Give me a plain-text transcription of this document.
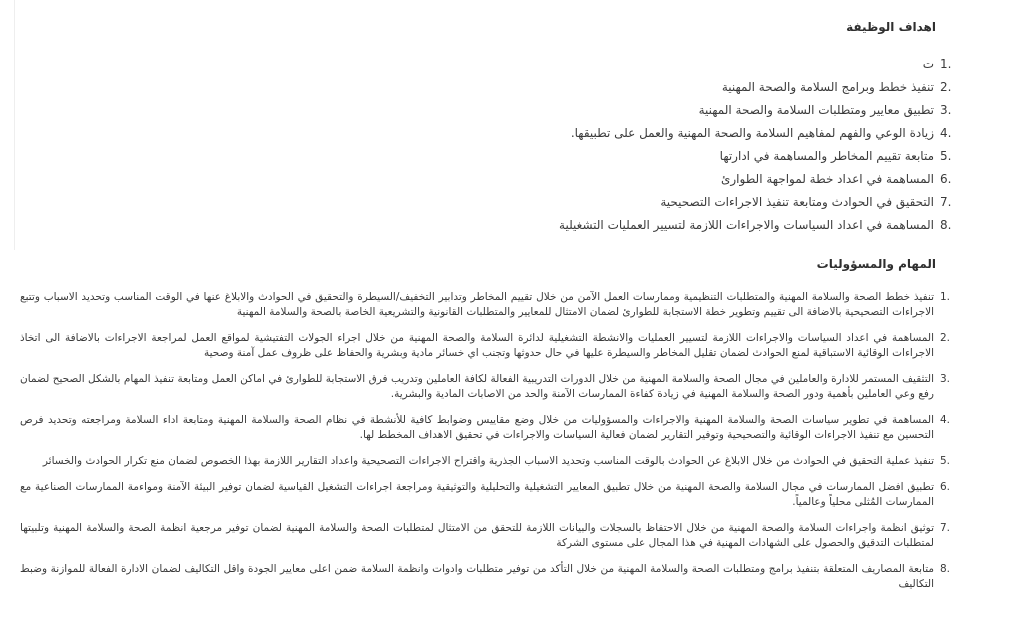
اهداف الوظيفة
1.
ت
2.
تنفيذ خطط وبرامج السلامة والصحة المهنية
3.
تطبيق معايير ومتطلبات السلامة والصحة المهنية
4.
زيادة الوعي والفهم لمفاهيم السلامة والصحة المهنية والعمل على تطبيقها.
5.
متابعة تقييم المخاطر والمساهمة في ادارتها
6.
المساهمة في اعداد خطة لمواجهة الطوارئ
7.
التحقيق في الحوادث ومتابعة تنفيذ الاجراءات التصحيحية
8.
المساهمة في اعداد السياسات والاجراءات اللازمة لتسيير العمليات التشغيلية
المهام والمسؤوليات
1.
تنفيذ خطط الصحة والسلامة المهنية والمتطلبات التنظيمية وممارسات العمل الآمن من خلال تقييم المخاطر وتدابير التخفيف/السيطرة والتحقيق في الحوادث والابلاغ عنها في الوقت المناسب وتحديد الاسباب وتتبع الاجراءات التصحيحية بالاضافة الى تقييم وتطوير خطة الاستجابة للطوارئ لضمان الامتثال للمعايير والمتطلبات القانونية والتشريعية الخاصة بالصحة والسلامة المهنية
2.
المساهمة في اعداد السياسات والاجراءات اللازمة لتسيير العمليات والانشطة التشغيلية لدائرة السلامة والصحة المهنية من خلال اجراء الجولات التفتيشية لمواقع العمل لمراجعة الاجراءات بالاضافة الى اتخاذ الاجراءات الوقائية الاستباقية لمنع الحوادث لضمان تقليل المخاطر والسيطرة عليها في حال حدوثها وتجنب اي خسائر مادية وبشرية والحفاظ على ظروف عمل آمنة وصحية
3.
التثقيف المستمر للادارة والعاملين في مجال الصحة والسلامة المهنية من خلال الدورات التدريبية الفعالة لكافة العاملين وتدريب فرق الاستجابة للطوارئ في اماكن العمل ومتابعة تنفيذ المهام بالشكل الصحيح لضمان رفع وعي العاملين بأهمية ودور الصحة والسلامة المهنية في زيادة كفاءة الممارسات الآمنة والحد من الاصابات المادية والبشرية.
4.
المساهمة في تطوير سياسات الصحة والسلامة المهنية والاجراءات والمسؤوليات من خلال وضع مقاييس وضوابط كافية للأنشطة في نظام الصحة والسلامة المهنية ومتابعة اداء السلامة ومراجعته وتحديد فرص التحسين مع تنفيذ الاجراءات الوقائية والتصحيحية وتوفير التقارير لضمان فعالية السياسات والاجراءات في تحقيق الاهداف المخطط لها.
5.
تنفيذ عملية التحقيق في الحوادث من خلال الابلاغ عن الحوادث بالوقت المناسب وتحديد الاسباب الجذرية واقتراح الاجراءات التصحيحية واعداد التقارير اللازمة بهذا الخصوص لضمان منع تكرار الحوادث والخسائر
6.
تطبيق افضل الممارسات في مجال السلامة والصحة المهنية من خلال تطبيق المعايير التشغيلية والتحليلية والتوثيقية ومراجعة اجراءات التشغيل القياسية لضمان توفير البيئة الآمنة ومواءمة الممارسات الصناعية مع الممارسات المُثلى محلياً وعالمياً.
7.
توثيق انظمة واجراءات السلامة والصحة المهنية من خلال الاحتفاظ بالسجلات والبيانات اللازمة للتحقق من الامتثال لمتطلبات الصحة والسلامة المهنية لضمان توفير مرجعية انظمة الصحة والسلامة المهنية وتلبيتها لمتطلبات التدقيق والحصول على الشهادات المهنية في هذا المجال على مستوى الشركة
8.
متابعة المصاريف المتعلقة بتنفيذ برامج ومتطلبات الصحة والسلامة المهنية من خلال التأكد من توفير متطلبات وادوات وانظمة السلامة ضمن اعلى معايير الجودة واقل التكاليف لضمان الادارة الفعالة للموازنة وضبط التكاليف
